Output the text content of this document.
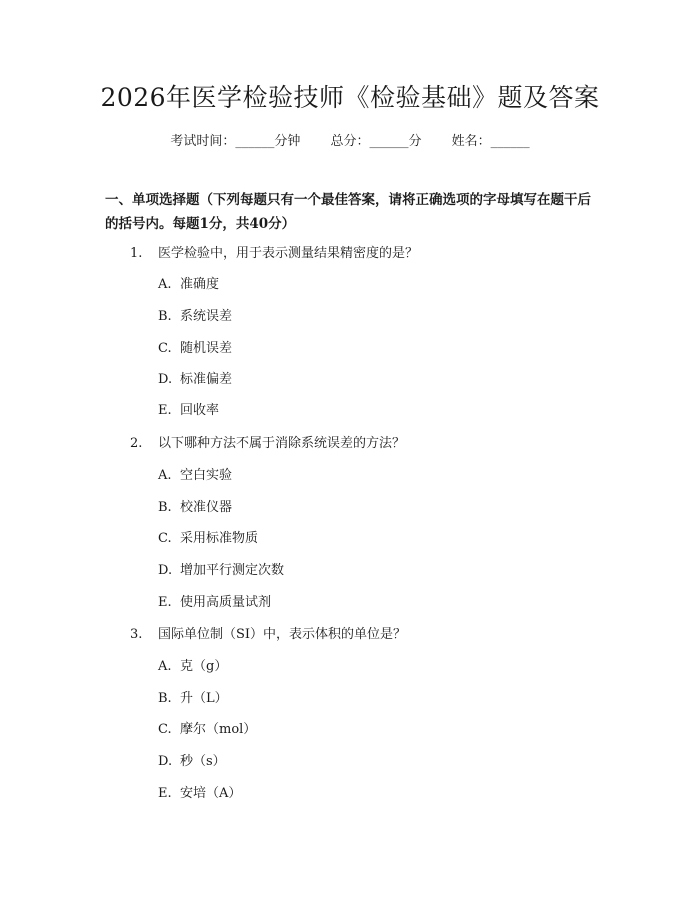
2026年医学检验技师《检验基础》题及答案
考试时间：______分钟 总分：______分 姓名：______
一、单项选择题（下列每题只有一个最佳答案，请将正确选项的字母填写在题干后的括号内。每题1分，共40分）
1. 医学检验中，用于表示测量结果精密度的是？
A. 准确度
B. 系统误差
C. 随机误差
D. 标准偏差
E. 回收率
2. 以下哪种方法不属于消除系统误差的方法？
A. 空白实验
B. 校准仪器
C. 采用标准物质
D. 增加平行测定次数
E. 使用高质量试剂
3. 国际单位制（SI）中，表示体积的单位是？
A. 克（g）
B. 升（L）
C. 摩尔（mol）
D. 秒（s）
E. 安培（A）
